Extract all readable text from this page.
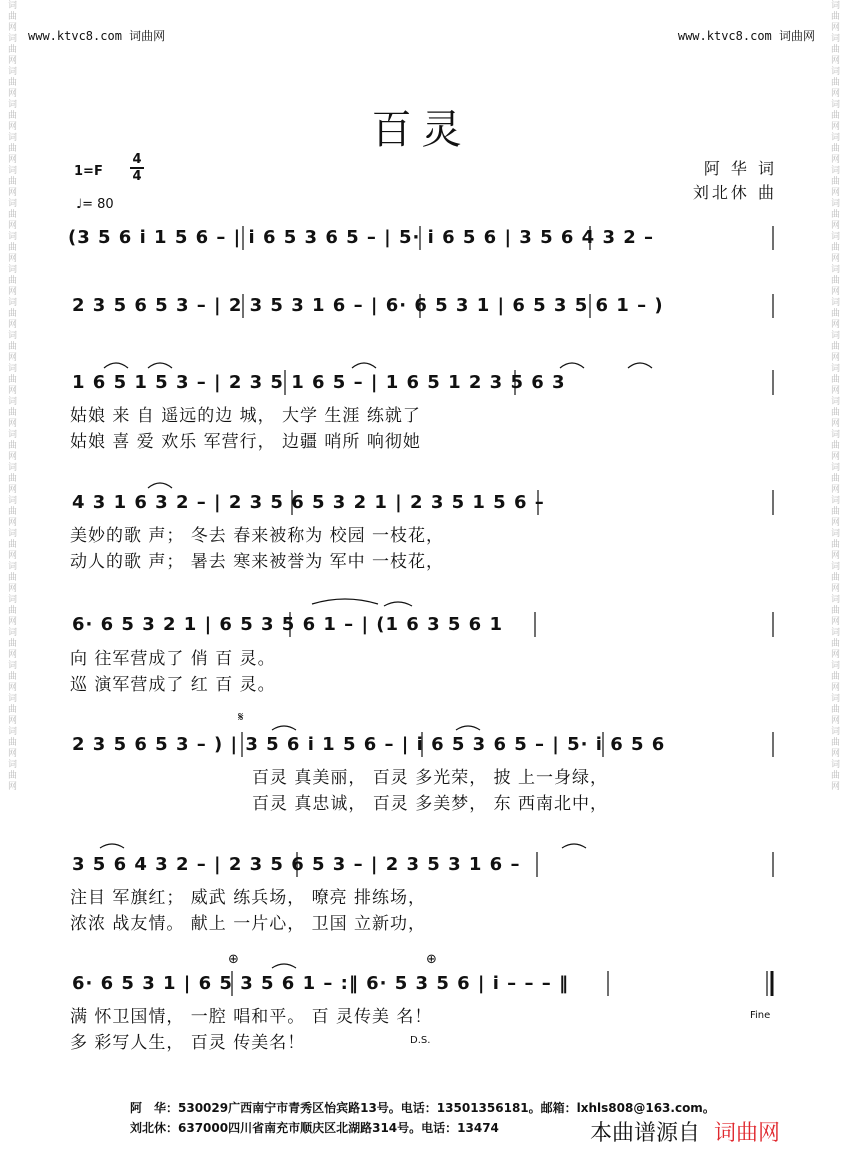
词曲网词曲网词曲网词曲网词曲网词曲网词曲网词曲网词曲网词曲网词曲网词曲网词曲网词曲网词曲网词曲网词曲网词曲网词曲网词曲网词曲网词曲网词曲网词曲网	词曲网词曲网词曲网词曲网词曲网词曲网词曲网词曲网词曲网词曲网词曲网词曲网词曲网词曲网词曲网词曲网词曲网词曲网词曲网词曲网词曲网词曲网词曲网词曲网
www.ktvc8.com 词曲网	www.ktvc8.com 词曲网
百灵
阿 华 词
刘北休 曲
1=F
4
4
♩= 80
(3 5 6 i 1 5 6 – | i 6 5 3 6 5 – | 5· i 6 5 6 | 3 5 6 4 3 2 –
2 3 5 6 5 3 – | 2 3 5 3 1 6 – | 6· 6 5 3 1 | 6 5 3 5 6 1 – )
1 6 5 1 5 3 – | 2 3 5 1 6 5 – | 1 6 5 1 2 3 5 6 3
姑娘 来 自 遥远的边 城， 大学 生涯 练就了
姑娘 喜 爱 欢乐 军营行， 边疆 哨所 响彻她
4 3 1 6 3 2 – | 2 3 5 6 5 3 2 1 | 2 3 5 1 5 6 –
美妙的歌 声； 冬去 春来被称为 校园 一枝花，
动人的歌 声； 暑去 寒来被誉为 军中 一枝花，
6· 6 5 3 2 1 | 6 5 3 5 6 1 – | (1 6 3 5 6 1
向 往军营成了 俏 百 灵。
巡 演军营成了 红 百 灵。
𝄋
2 3 5 6 5 3 – ) | 3 5 6 i 1 5 6 – | i 6 5 3 6 5 – | 5· i 6 5 6
百灵 真美丽， 百灵 多光荣， 披 上一身绿，
百灵 真忠诚， 百灵 多美梦， 东 西南北中，
3 5 6 4 3 2 – | 2 3 5 6 5 3 – | 2 3 5 3 1 6 –
注目 军旗红； 威武 练兵场， 嘹亮 排练场，
浓浓 战友情。 献上 一片心， 卫国 立新功，
⊕	⊕
6· 6 5 3 1 | 6 5 3 5 6 1 – :‖ 6· 5 3 5 6 | i – – – ‖
满 怀卫国情， 一腔 唱和平。 百 灵传美 名！
多 彩写人生， 百灵 传美名！
Fine
D.S.
阿　华：530029广西南宁市青秀区怡宾路13号。电话：13501356181。邮箱：lxhls808@163.com。
刘北休：637000四川省南充市顺庆区北湖路314号。电话：13474	本曲谱源自 词曲网
